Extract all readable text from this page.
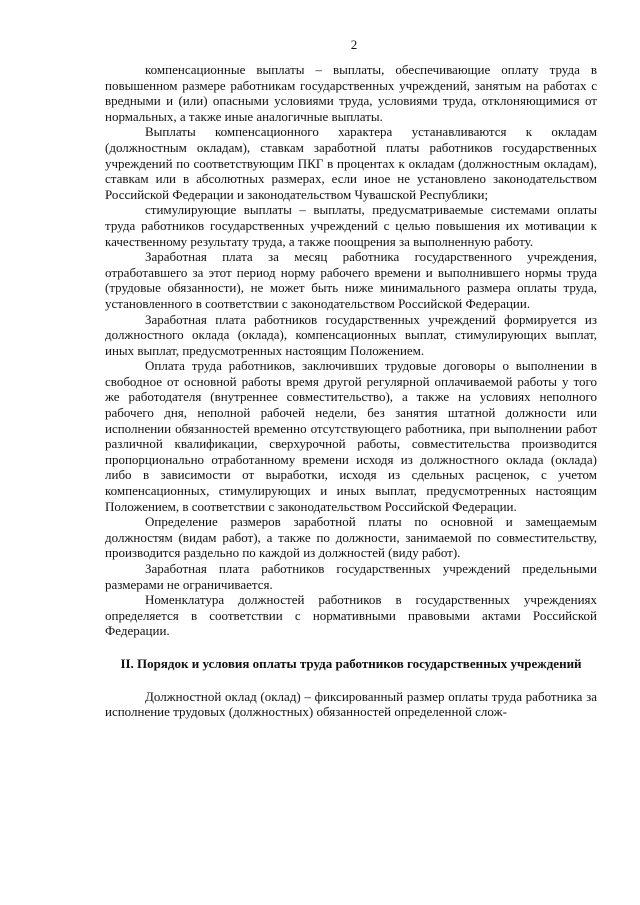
2

компенсационные выплаты – выплаты, обеспечивающие оплату труда в повышенном размере работникам государственных учреждений, занятым на работах с вредными и (или) опасными условиями труда, условиями труда, отклоняющимися от нормальных, а также иные аналогичные выплаты.

Выплаты компенсационного характера устанавливаются к окладам (должностным окладам), ставкам заработной платы работников государственных учреждений по соответствующим ПКГ в процентах к окладам (должностным окладам), ставкам или в абсолютных размерах, если иное не установлено законодательством Российской Федерации и законодательством Чувашской Республики;

стимулирующие выплаты – выплаты, предусматриваемые системами оплаты труда работников государственных учреждений с целью повышения их мотивации к качественному результату труда, а также поощрения за выполненную работу.

Заработная плата за месяц работника государственного учреждения, отработавшего за этот период норму рабочего времени и выполнившего нормы труда (трудовые обязанности), не может быть ниже минимального размера оплаты труда, установленного в соответствии с законодательством Российской Федерации.

Заработная плата работников государственных учреждений формируется из должностного оклада (оклада), компенсационных выплат, стимулирующих выплат, иных выплат, предусмотренных настоящим Положением.

Оплата труда работников, заключивших трудовые договоры о выполнении в свободное от основной работы время другой регулярной оплачиваемой работы у того же работодателя (внутреннее совместительство), а также на условиях неполного рабочего дня, неполной рабочей недели, без занятия штатной должности или исполнении обязанностей временно отсутствующего работника, при выполнении работ различной квалификации, сверхурочной работы, совместительства производится пропорционально отработанному времени исходя из должностного оклада (оклада) либо в зависимости от выработки, исходя из сдельных расценок, с учетом компенсационных, стимулирующих и иных выплат, предусмотренных настоящим Положением, в соответствии с законодательством Российской Федерации.

Определение размеров заработной платы по основной и замещаемым должностям (видам работ), а также по должности, занимаемой по совместительству, производится раздельно по каждой из должностей (виду работ).

Заработная плата работников государственных учреждений предельными размерами не ограничивается.

Номенклатура должностей работников в государственных учреждениях определяется в соответствии с нормативными правовыми актами Российской Федерации.

II. Порядок и условия оплаты труда работников государственных учреждений

Должностной оклад (оклад) – фиксированный размер оплаты труда работника за исполнение трудовых (должностных) обязанностей определенной слож-
